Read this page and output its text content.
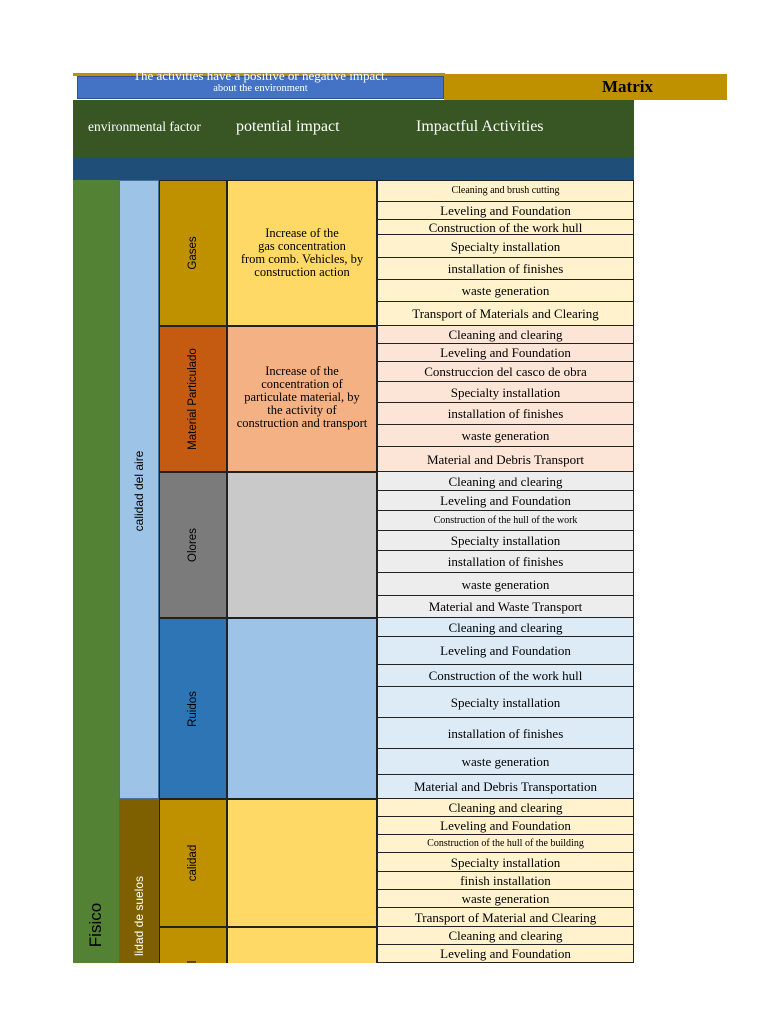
The activities have a positive or negative impact.
about the environment	Matrix
environmental factor potential impact	Impactful Activities
Fisico
calidad del aire
lidad de suelos
Gases
Material Particulado
Olores
Ruidos
calidad
l
Increase of the
gas concentration
from comb. Vehicles, by
construction action
Increase of the
concentration of
particulate material, by
the activity of
construction and transport
Cleaning and brush cutting
Leveling and Foundation
Construction of the work hull
Specialty installation
installation of finishes
waste generation
Transport of Materials and Clearing
Cleaning and clearing
Leveling and Foundation
Construccion del casco de obra
Specialty installation
installation of finishes
waste generation
Material and Debris Transport
Cleaning and clearing
Leveling and Foundation
Construction of the hull of the work
Specialty installation
installation of finishes
waste generation
Material and Waste Transport
Cleaning and clearing
Leveling and Foundation
Construction of the work hull
Specialty installation
installation of finishes
waste generation
Material and Debris Transportation
Cleaning and clearing
Leveling and Foundation
Construction of the hull of the building
Specialty installation
finish installation
waste generation
Transport of Material and Clearing
Cleaning and clearing
Leveling and Foundation
